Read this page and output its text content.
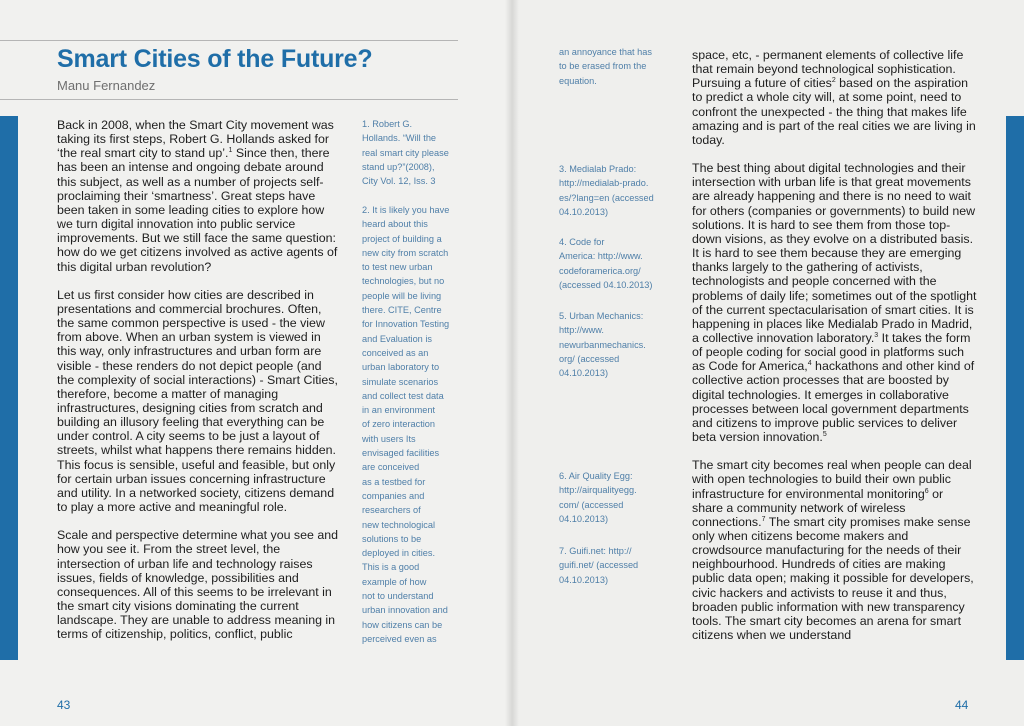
Smart Cities of the Future?
Manu Fernandez

Back in 2008, when the Smart City movement was taking its first steps, Robert G. Hollands asked for ‘the real smart city to stand up’.$^1$ Since then, there has been an intense and ongoing debate around this subject, as well as a number of projects self-proclaiming their ‘smartness’. Great steps have been taken in some leading cities to explore how we turn digital innovation into public service improvements. But we still face the same question: how do we get citizens involved as active agents of this digital urban revolution?

Let us first consider how cities are described in presentations and commercial brochures. Often, the same common perspective is used - the view from above. When an urban system is viewed in this way, only infrastructures and urban form are visible - these renders do not depict people (and the complexity of social interactions) - Smart Cities, therefore, become a matter of managing infrastructures, designing cities from scratch and building an illusory feeling that everything can be under control. A city seems to be just a layout of streets, whilst what happens there remains hidden. This focus is sensible, useful and feasible, but only for certain urban issues concerning infrastructure and utility. In a networked society, citizens demand to play a more active and meaningful role.

Scale and perspective determine what you see and how you see it. From the street level, the intersection of urban life and technology raises issues, fields of knowledge, possibilities and consequences. All of this seems to be irrelevant in the smart city visions dominating the current landscape. They are unable to address meaning in terms of citizenship, politics, conflict, public

1. Robert G.
Hollands. “Will the
real smart city please
stand up?”(2008),
City Vol. 12, Iss. 3
2. It is likely you have
heard about this
project of building a
new city from scratch
to test new urban
technologies, but no
people will be living
there. CITE, Centre
for Innovation Testing
and Evaluation is
conceived as an
urban laboratory to
simulate scenarios
and collect test data
in an environment
of zero interaction
with users Its
envisaged facilities
are conceived
as a testbed for
companies and
researchers of
new technological
solutions to be
deployed in cities.
This is a good
example of how
not to understand
urban innovation and
how citizens can be
perceived even as
43	44
an annoyance that has
to be erased from the
equation.
3. Medialab Prado:
http://medialab-prado.
es/?lang=en (accessed
04.10.2013)
4. Code for
America: http://www.
codeforamerica.org/
(accessed 04.10.2013)
5. Urban Mechanics:
http://www.
newurbanmechanics.
org/ (accessed
04.10.2013)
6. Air Quality Egg:
http://airqualityegg.
com/ (accessed
04.10.2013)
7. Guifi.net: http://
guifi.net/ (accessed
04.10.2013)

space, etc, - permanent elements of collective life that remain beyond technological sophistication. Pursuing a future of cities$^2$ based on the aspiration to predict a whole city will, at some point, need to confront the unexpected - the thing that makes life amazing and is part of the real cities we are living in today.

The best thing about digital technologies and their intersection with urban life is that great movements are already happening and there is no need to wait for others (companies or governments) to build new solutions. It is hard to see them from those top-down visions, as they evolve on a distributed basis. It is hard to see them because they are emerging thanks largely to the gathering of activists, technologists and people concerned with the problems of daily life; sometimes out of the spotlight of the current spectacularisation of smart cities. It is happening in places like Medialab Prado in Madrid, a collective innovation laboratory.$^3$ It takes the form of people coding for social good in platforms such as Code for America,$^4$ hackathons and other kind of collective action processes that are boosted by digital technologies. It emerges in collaborative processes between local government departments and citizens to improve public services to deliver beta version innovation.$^5$

The smart city becomes real when people can deal with open technologies to build their own public infrastructure for environmental monitoring$^6$ or share a community network of wireless connections.$^7$ The smart city promises make sense only when citizens become makers and crowdsource manufacturing for the needs of their neighbourhood. Hundreds of cities are making public data open; making it possible for developers, civic hackers and activists to reuse it and thus, broaden public information with new transparency tools. The smart city becomes an arena for smart citizens when we understand
